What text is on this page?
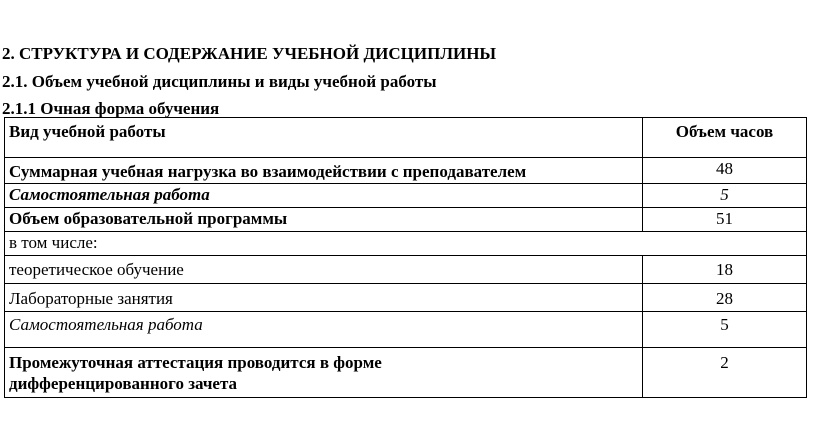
2. СТРУКТУРА И СОДЕРЖАНИЕ УЧЕБНОЙ ДИСЦИПЛИНЫ
2.1. Объем учебной дисциплины и виды учебной работы
2.1.1 Очная форма обучения
Вид учебной работы	Объем часов
Суммарная учебная нагрузка во взаимодействии с преподавателем	48
Самостоятельная работа	5
Объем образовательной программы	51
в том числе:	
теоретическое обучение	18
Лабораторные занятия	28
Самостоятельная работа	5

Промежуточная аттестация проводится в форме
дифференцированного зачета	2
